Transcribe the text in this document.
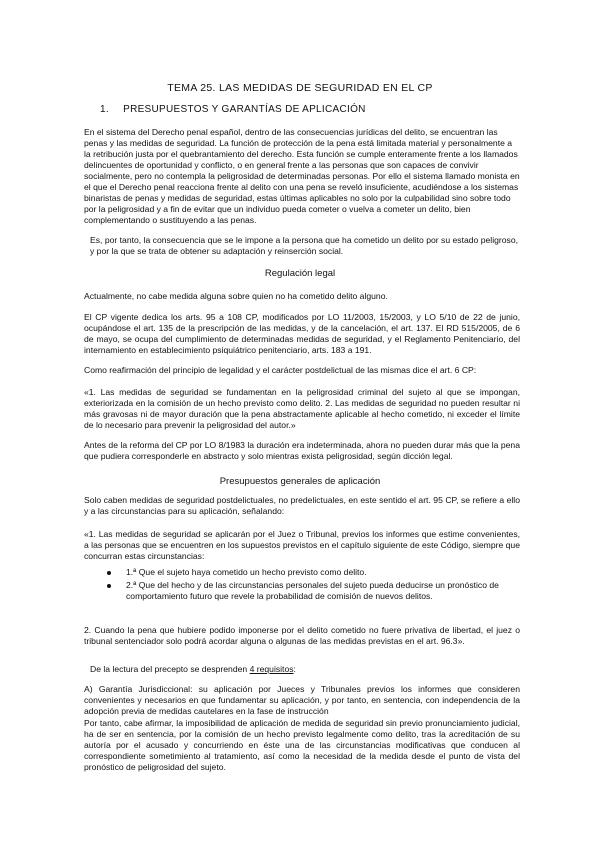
TEMA 25. LAS MEDIDAS DE SEGURIDAD EN EL CP
1. PRESUPUESTOS Y GARANTÍAS DE APLICACIÓN

En el sistema del Derecho penal español, dentro de las consecuencias jurídicas del delito, se encuentran las penas y las medidas de seguridad. La función de protección de la pena está limitada material y personalmente a la retribución justa por el quebrantamiento del derecho. Esta función se cumple enteramente frente a los llamados delincuentes de oportunidad y conflicto, o en general frente a las personas que son capaces de convivir socialmente, pero no contempla la peligrosidad de determinadas personas. Por ello el sistema llamado monista en el que el Derecho penal reacciona frente al delito con una pena se reveló insuficiente, acudiéndose a los sistemas binaristas de penas y medidas de seguridad, estas últimas aplicables no solo por la culpabilidad sino sobre todo por la peligrosidad y a fin de evitar que un individuo pueda cometer o vuelva a cometer un delito, bien complementando o sustituyendo a las penas.

Es, por tanto, la consecuencia que se le impone a la persona que ha cometido un delito por su estado peligroso, y por la que se trata de obtener su adaptación y reinserción social.

Regulación legal

Actualmente, no cabe medida alguna sobre quien no ha cometido delito alguno.

El CP vigente dedica los arts. 95 a 108 CP, modificados por LO 11/2003, 15/2003, y LO 5/10 de 22 de junio, ocupándose el art. 135 de la prescripción de las medidas, y de la cancelación, el art. 137. El RD 515/2005, de 6 de mayo, se ocupa del cumplimiento de determinadas medidas de seguridad, y el Reglamento Penitenciario, del internamiento en establecimiento psiquiátrico penitenciario, arts. 183 a 191.

Como reafirmación del principio de legalidad y el carácter postdelictual de las mismas dice el art. 6 CP:

«1. Las medidas de seguridad se fundamentan en la peligrosidad criminal del sujeto al que se impongan, exteriorizada en la comisión de un hecho previsto como delito. 2. Las medidas de seguridad no pueden resultar ni más gravosas ni de mayor duración que la pena abstractamente aplicable al hecho cometido, ni exceder el límite de lo necesario para prevenir la peligrosidad del autor.»

Antes de la reforma del CP por LO 8/1983 la duración era indeterminada, ahora no pueden durar más que la pena que pudiera corresponderle en abstracto y solo mientras exista peligrosidad, según dicción legal.

Presupuestos generales de aplicación

Solo caben medidas de seguridad postdelictuales, no predelictuales, en este sentido el art. 95 CP, se refiere a ello y a las circunstancias para su aplicación, señalando:

«1. Las medidas de seguridad se aplicarán por el Juez o Tribunal, previos los informes que estime convenientes, a las personas que se encuentren en los supuestos previstos en el capítulo siguiente de este Código, siempre que concurran estas circunstancias:

1.ª Que el sujeto haya cometido un hecho previsto como delito.
2.ª Que del hecho y de las circunstancias personales del sujeto pueda deducirse un pronóstico de comportamiento futuro que revele la probabilidad de comisión de nuevos delitos.

2. Cuando la pena que hubiere podido imponerse por el delito cometido no fuere privativa de libertad, el juez o tribunal sentenciador solo podrá acordar alguna o algunas de las medidas previstas en el art. 96.3».

De la lectura del precepto se desprenden 4 requisitos:

A) Garantía Jurisdiccional: su aplicación por Jueces y Tribunales previos los informes que consideren convenientes y necesarios en que fundamentar su aplicación, y por tanto, en sentencia, con independencia de la adopción previa de medidas cautelares en la fase de instrucción

Por tanto, cabe afirmar, la imposibilidad de aplicación de medida de seguridad sin previo pronunciamiento judicial, ha de ser en sentencia, por la comisión de un hecho previsto legalmente como delito, tras la acreditación de su autoría por el acusado y concurriendo en éste una de las circunstancias modificativas que conducen al correspondiente sometimiento al tratamiento, así como la necesidad de la medida desde el punto de vista del pronóstico de peligrosidad del sujeto.
